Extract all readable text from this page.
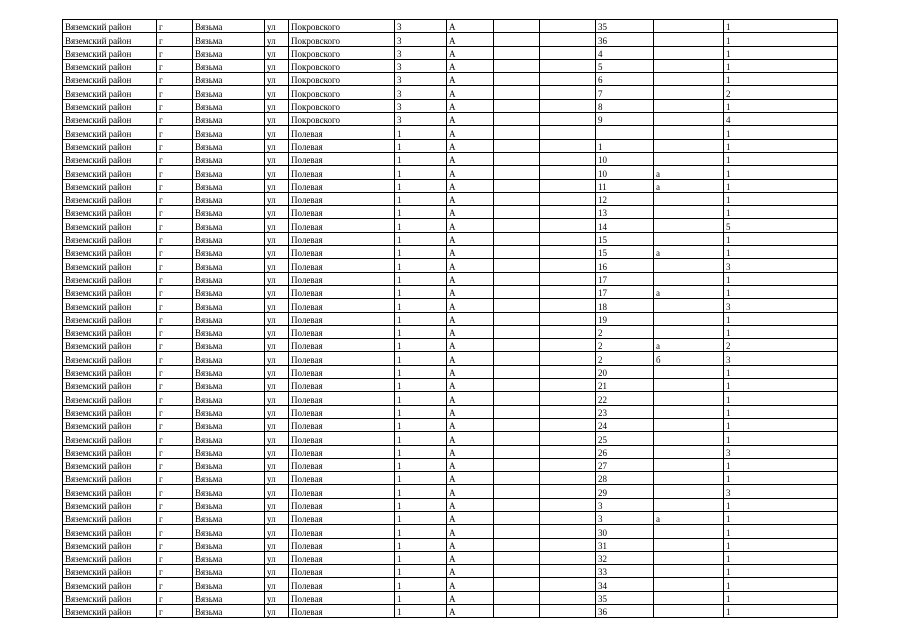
Вяземский район	г	Вязьма	ул	Покровского	3	А			35		1
Вяземский район	г	Вязьма	ул	Покровского	3	А			36		1
Вяземский район	г	Вязьма	ул	Покровского	3	А			4		1
Вяземский район	г	Вязьма	ул	Покровского	3	А			5		1
Вяземский район	г	Вязьма	ул	Покровского	3	А			6		1
Вяземский район	г	Вязьма	ул	Покровского	3	А			7		2
Вяземский район	г	Вязьма	ул	Покровского	3	А			8		1
Вяземский район	г	Вязьма	ул	Покровского	3	А			9		4
Вяземский район	г	Вязьма	ул	Полевая	1	А					1
Вяземский район	г	Вязьма	ул	Полевая	1	А			1		1
Вяземский район	г	Вязьма	ул	Полевая	1	А			10		1
Вяземский район	г	Вязьма	ул	Полевая	1	А			10	а	1
Вяземский район	г	Вязьма	ул	Полевая	1	А			11	а	1
Вяземский район	г	Вязьма	ул	Полевая	1	А			12		1
Вяземский район	г	Вязьма	ул	Полевая	1	А			13		1
Вяземский район	г	Вязьма	ул	Полевая	1	А			14		5
Вяземский район	г	Вязьма	ул	Полевая	1	А			15		1
Вяземский район	г	Вязьма	ул	Полевая	1	А			15	а	1
Вяземский район	г	Вязьма	ул	Полевая	1	А			16		3
Вяземский район	г	Вязьма	ул	Полевая	1	А			17		1
Вяземский район	г	Вязьма	ул	Полевая	1	А			17	а	1
Вяземский район	г	Вязьма	ул	Полевая	1	А			18		3
Вяземский район	г	Вязьма	ул	Полевая	1	А			19		1
Вяземский район	г	Вязьма	ул	Полевая	1	А			2		1
Вяземский район	г	Вязьма	ул	Полевая	1	А			2	а	2
Вяземский район	г	Вязьма	ул	Полевая	1	А			2	б	3
Вяземский район	г	Вязьма	ул	Полевая	1	А			20		1
Вяземский район	г	Вязьма	ул	Полевая	1	А			21		1
Вяземский район	г	Вязьма	ул	Полевая	1	А			22		1
Вяземский район	г	Вязьма	ул	Полевая	1	А			23		1
Вяземский район	г	Вязьма	ул	Полевая	1	А			24		1
Вяземский район	г	Вязьма	ул	Полевая	1	А			25		1
Вяземский район	г	Вязьма	ул	Полевая	1	А			26		3
Вяземский район	г	Вязьма	ул	Полевая	1	А			27		1
Вяземский район	г	Вязьма	ул	Полевая	1	А			28		1
Вяземский район	г	Вязьма	ул	Полевая	1	А			29		3
Вяземский район	г	Вязьма	ул	Полевая	1	А			3		1
Вяземский район	г	Вязьма	ул	Полевая	1	А			3	а	1
Вяземский район	г	Вязьма	ул	Полевая	1	А			30		1
Вяземский район	г	Вязьма	ул	Полевая	1	А			31		1
Вяземский район	г	Вязьма	ул	Полевая	1	А			32		1
Вяземский район	г	Вязьма	ул	Полевая	1	А			33		1
Вяземский район	г	Вязьма	ул	Полевая	1	А			34		1
Вяземский район	г	Вязьма	ул	Полевая	1	А			35		1
Вяземский район	г	Вязьма	ул	Полевая	1	А			36		1
